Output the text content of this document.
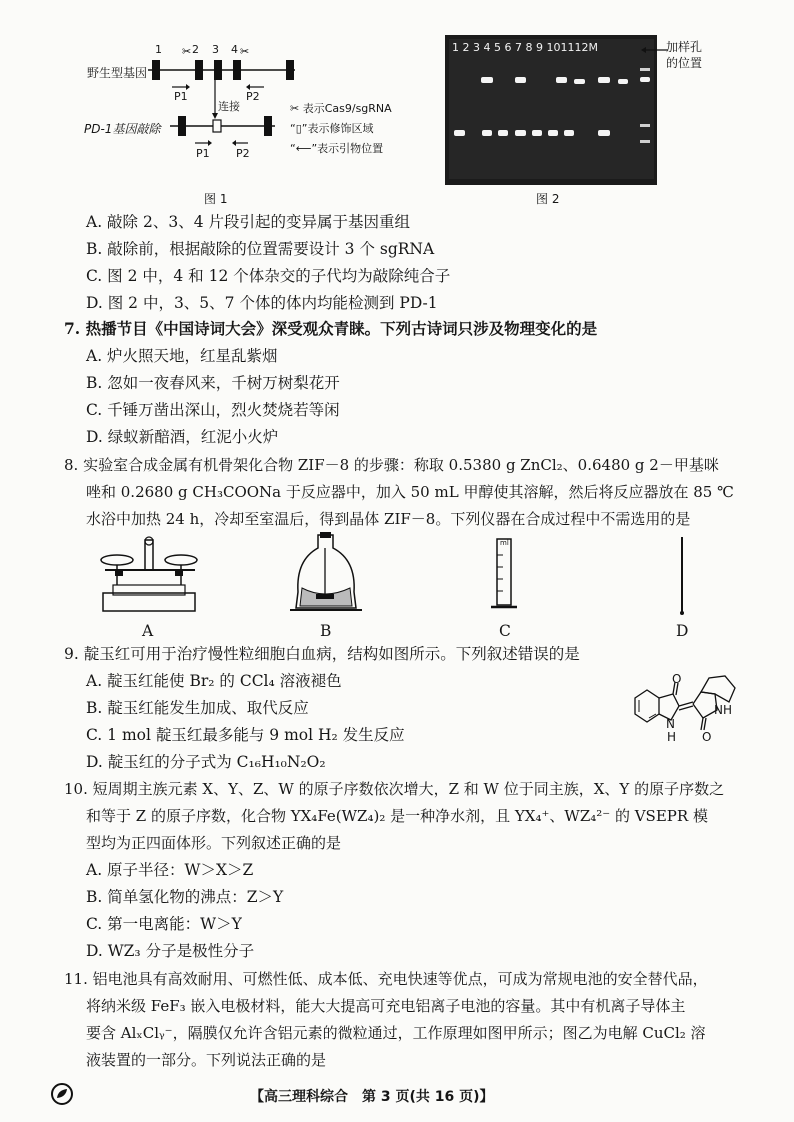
野生型基因
PD-1基因敲除
✂	✂
1	2 3 4
P1	P2
连接
P1 P2
✂ 表示Cas9/sgRNA
“▯”表示修饰区域
“⟵”表示引物位置
图 1
1 2 3 4 5 6 7 8 9 101112M	加样孔
的位置
图 2
A. 敲除 2、3、4 片段引起的变异属于基因重组
B. 敲除前，根据敲除的位置需要设计 3 个 sgRNA
C. 图 2 中，4 和 12 个体杂交的子代均为敲除纯合子
D. 图 2 中，3、5、7 个体的体内均能检测到 PD-1
7. 热播节目《中国诗词大会》深受观众青睐。下列古诗词只涉及物理变化的是
A. 炉火照天地，红星乱紫烟
B. 忽如一夜春风来，千树万树梨花开
C. 千锤万凿出深山，烈火焚烧若等闲
D. 绿蚁新醅酒，红泥小火炉
8. 实验室合成金属有机骨架化合物 ZIF－8 的步骤：称取 0.5380 g ZnCl₂、0.6480 g 2－甲基咪
唑和 0.2680 g CH₃COONa 于反应器中，加入 50 mL 甲醇使其溶解，然后将反应器放在 85 ℃
水浴中加热 24 h，冷却至室温后，得到晶体 ZIF－8。下列仪器在合成过程中不需选用的是
ml
A	B	C	D
9. 靛玉红可用于治疗慢性粒细胞白血病，结构如图所示。下列叙述错误的是
A. 靛玉红能使 Br₂ 的 CCl₄ 溶液褪色
B. 靛玉红能发生加成、取代反应
C. 1 mol 靛玉红最多能与 9 mol H₂ 发生反应
D. 靛玉红的分子式为 C₁₆H₁₀N₂O₂
O
NH
N
H O
10. 短周期主族元素 X、Y、Z、W 的原子序数依次增大，Z 和 W 位于同主族，X、Y 的原子序数之
和等于 Z 的原子序数，化合物 YX₄Fe(WZ₄)₂ 是一种净水剂，且 YX₄⁺、WZ₄²⁻ 的 VSEPR 模
型均为正四面体形。下列叙述正确的是
A. 原子半径：W＞X＞Z
B. 简单氢化物的沸点：Z＞Y
C. 第一电离能：W＞Y
D. WZ₃ 分子是极性分子
11. 铝电池具有高效耐用、可燃性低、成本低、充电快速等优点，可成为常规电池的安全替代品，
将纳米级 FeF₃ 嵌入电极材料，能大大提高可充电铝离子电池的容量。其中有机离子导体主
要含 AlₓClᵧ⁻，隔膜仅允许含铝元素的微粒通过，工作原理如图甲所示；图乙为电解 CuCl₂ 溶
液装置的一部分。下列说法正确的是
【高三理科综合　第 3 页(共 16 页)】
